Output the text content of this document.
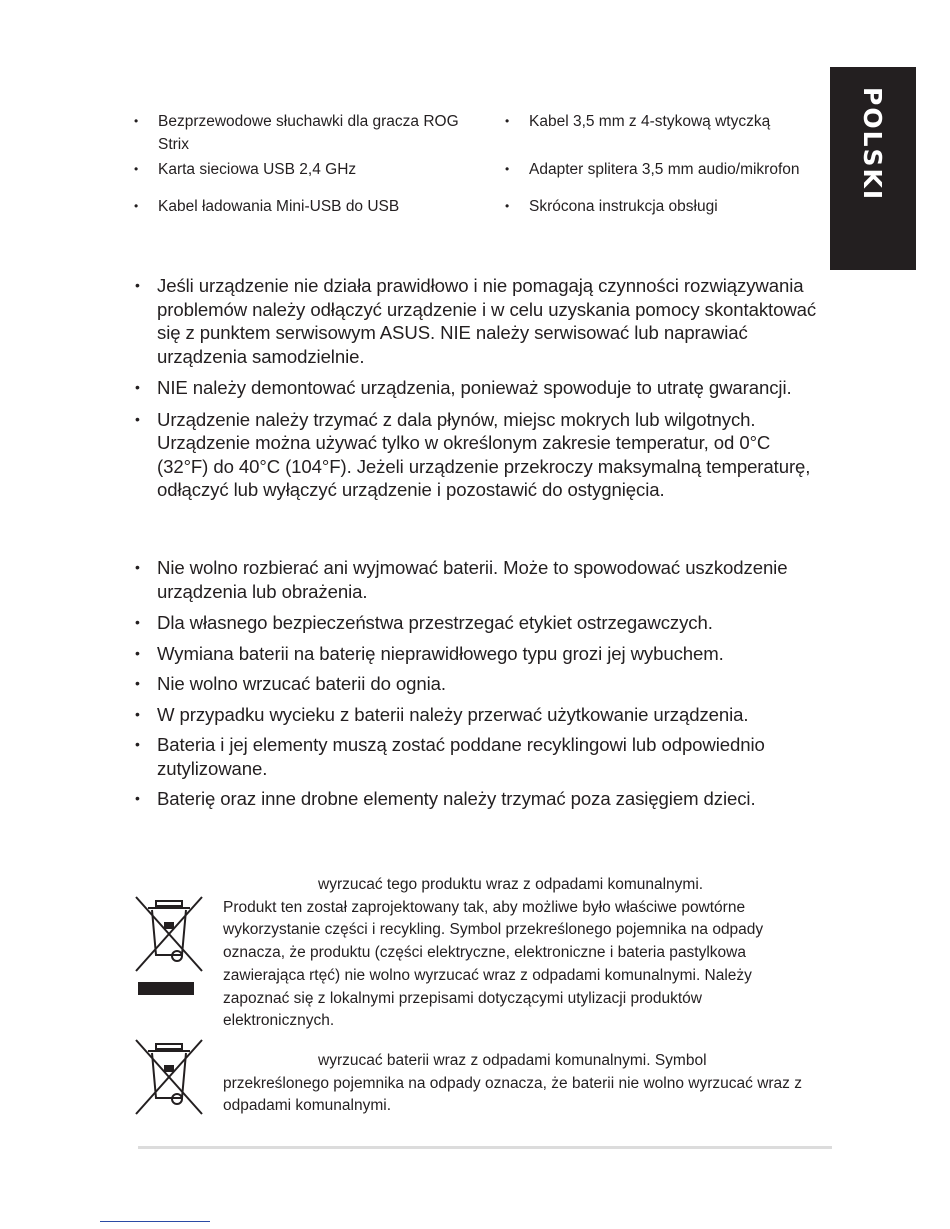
POLSKI
• Bezprzewodowe słuchawki dla gracza ROG Strix
• Karta sieciowa USB 2,4 GHz
• Kabel ładowania Mini-USB do USB
• Kabel 3,5 mm z 4-stykową wtyczką
• Adapter splitera 3,5 mm audio/mikrofon
• Skrócona instrukcja obsługi
• Jeśli urządzenie nie działa prawidłowo i nie pomagają czynności rozwiązywania problemów należy odłączyć urządzenie i w celu uzyskania pomocy skontaktować się z punktem serwisowym ASUS. NIE należy serwisować lub naprawiać urządzenia samodzielnie.
• NIE należy demontować urządzenia, ponieważ spowoduje to utratę gwarancji.
• Urządzenie należy trzymać z dala płynów, miejsc mokrych lub wilgotnych. Urządzenie można używać tylko w określonym zakresie temperatur, od 0°C (32°F) do 40°C (104°F). Jeżeli urządzenie przekroczy maksymalną temperaturę, odłączyć lub wyłączyć urządzenie i pozostawić do ostygnięcia.
• Nie wolno rozbierać ani wyjmować baterii. Może to spowodować uszkodzenie urządzenia lub obrażenia.
• Dla własnego bezpieczeństwa przestrzegać etykiet ostrzegawczych.
• Wymiana baterii na baterię nieprawidłowego typu grozi jej wybuchem.
• Nie wolno wrzucać baterii do ognia.
• W przypadku wycieku z baterii należy przerwać użytkowanie urządzenia.
• Bateria i jej elementy muszą zostać poddane recyklingowi lub odpowiednio zutylizowane.
• Baterię oraz inne drobne elementy należy trzymać poza zasięgiem dzieci.
wyrzucać tego produktu wraz z odpadami komunalnymi.
Produkt ten został zaprojektowany tak, aby możliwe było właściwe powtórne wykorzystanie części i recykling. Symbol przekreślonego pojemnika na odpady oznacza, że produktu (części elektryczne, elektroniczne i bateria pastylkowa zawierająca rtęć) nie wolno wyrzucać wraz z odpadami komunalnymi. Należy zapoznać się z lokalnymi przepisami dotyczącymi utylizacji produktów elektronicznych.
wyrzucać baterii wraz z odpadami komunalnymi. Symbol
przekreślonego pojemnika na odpady oznacza, że baterii nie wolno wyrzucać wraz z odpadami komunalnymi.
